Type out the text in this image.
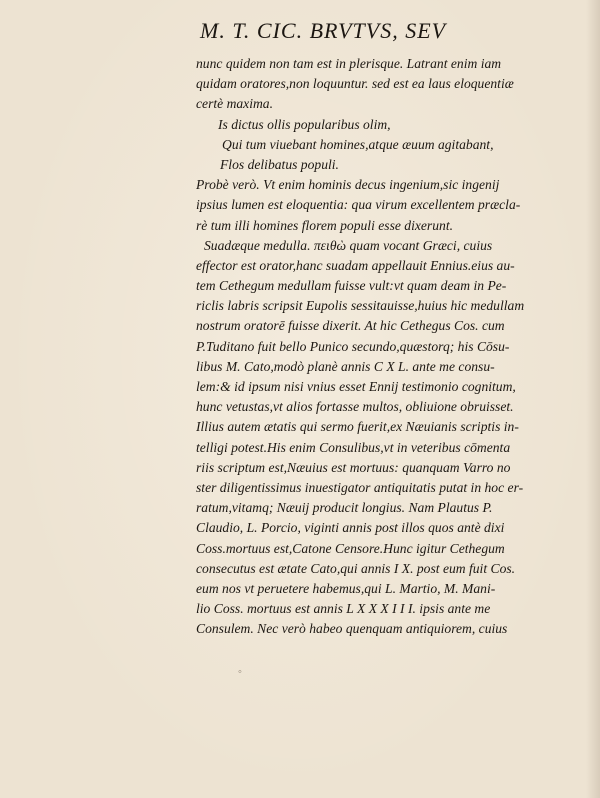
M. T. CIC. BRVTVS, SEV
nunc quidem non tam est in plerisque. Latrant enim iam
quidam oratores,non loquuntur. sed est ea laus eloquentiæ
certè maxima.
Is dictus ollis popularibus olim,
Qui tum viuebant homines,atque æuum agitabant,
Flos delibatus populi.
Probè verò. Vt enim hominis decus ingenium,sic ingenij
ipsius lumen est eloquentia: qua virum excellentem præcla-
rè tum illi homines florem populi esse dixerunt.
Suadæque medulla. πειθὼ quam vocant Græci, cuius
effector est orator,hanc suadam appellauit Ennius.eius au-
tem Cethegum medullam fuisse vult:vt quam deam in Pe-
riclis labris scripsit Eupolis sessitauisse,huius hic medullam
nostrum oratorē fuisse dixerit. At hic Cethegus Cos. cum
P.Tuditano fuit bello Punico secundo,quæstorq; his Cōsu-
libus M. Cato,modò planè annis C X L. ante me consu-
lem:& id ipsum nisi vnius esset Ennij testimonio cognitum,
hunc vetustas,vt alios fortasse multos, obliuione obruisset.
Illius autem ætatis qui sermo fuerit,ex Næuianis scriptis in-
telligi potest.His enim Consulibus,vt in veteribus cōmenta
riis scriptum est,Næuius est mortuus: quanquam Varro no
ster diligentissimus inuestigator antiquitatis putat in hoc er-
ratum,vitamq; Næuij producit longius. Nam Plautus P.
Claudio, L. Porcio, viginti annis post illos quos antè dixi
Coss.mortuus est,Catone Censore.Hunc igitur Cethegum
consecutus est ætate Cato,qui annis I X. post eum fuit Cos.
eum nos vt peruetere habemus,qui L. Martio, M. Mani-
lio Coss. mortuus est annis L X X X I I I. ipsis ante me
Consulem. Nec verò habeo quenquam antiquiorem, cuius
◦
